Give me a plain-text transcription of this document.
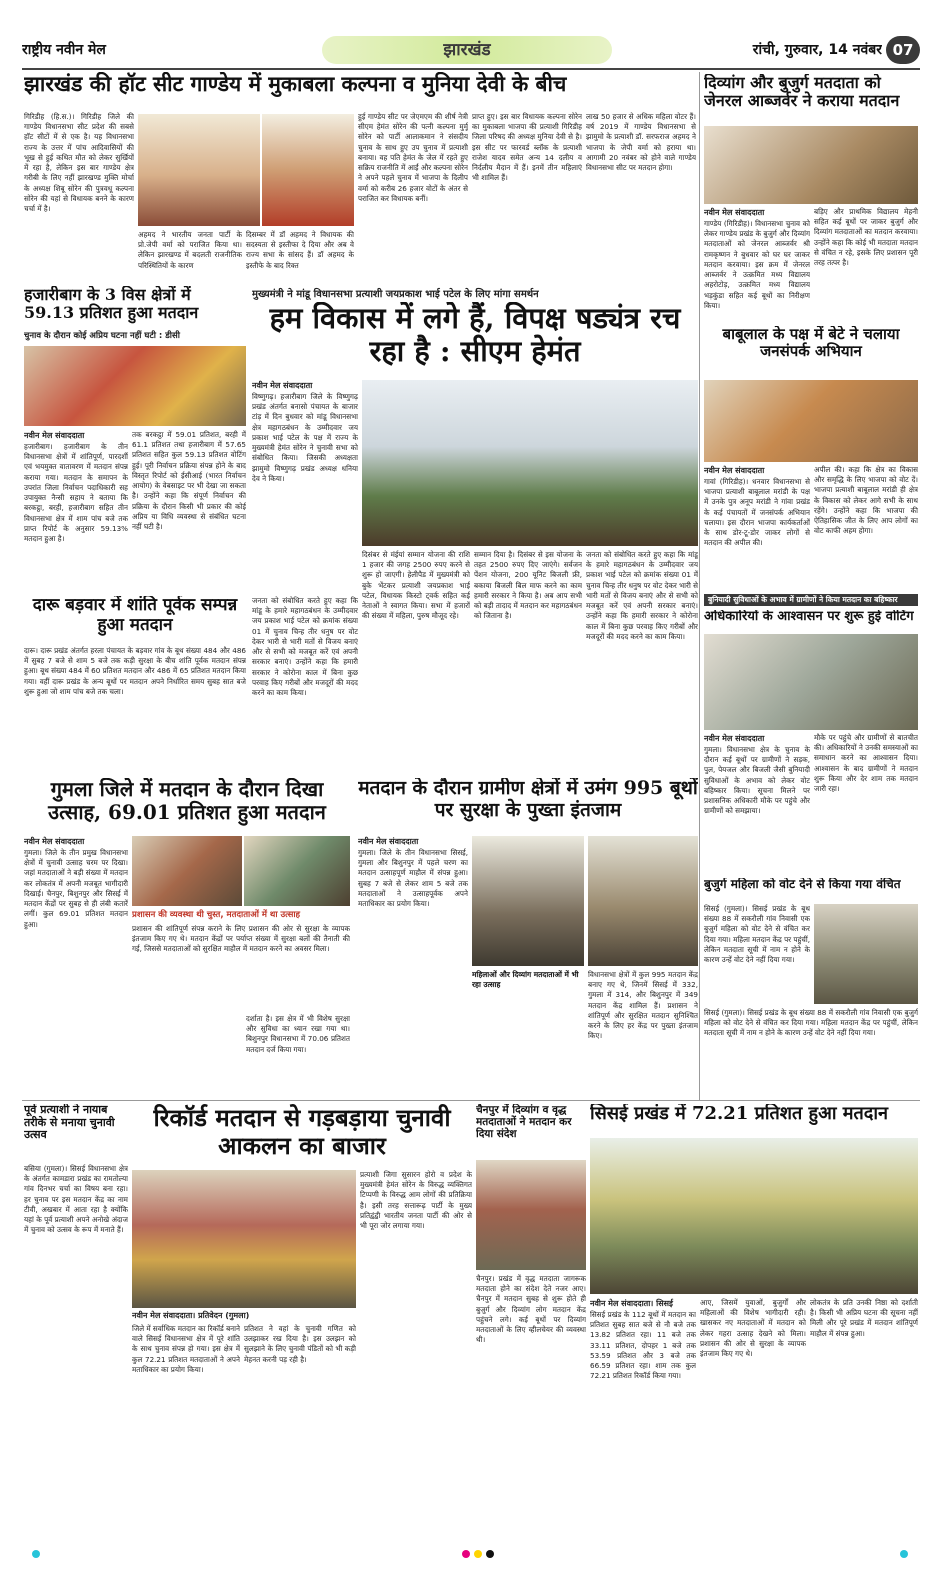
राष्ट्रीय नवीन मेल	झारखंड	रांची, गुरुवार, 14 नवंबर 07
झारखंड की हॉट सीट गाण्डेय में मुकाबला कल्पना व मुनिया देवी के बीच
गिरिडीह (हि.स.)। गिरिडीह जिले की गाण्डेय विधानसभा सीट प्रदेश की सबसे हॉट सीटों में से एक है। यह विधानसभा राज्य के उत्तर में पांच आदिवासियों की भूख से हुई कथित मौत को लेकर सुर्खियों में रहा है, लेकिन इस बार गाण्डेय क्षेत्र गरीबी के लिए नहीं झारखण्ड मुक्ति मोर्चा के अध्यक्ष शिबू सोरेन की पुत्रवधू कल्पना सोरेन की यहां से विधायक बनने के कारण चर्चा में है।
अहमद ने भारतीय जनता पार्टी के प्रो.जेपी वर्मा को पराजित किया था। लेकिन झारखण्ड में बदलती राजनीतिक परिस्थितियों के कारण
दिसम्बर में डॉ अहमद ने विधायक की सदस्यता से इस्तीफा दे दिया और अब वे राज्य सभा के सांसद हैं। डॉ अहमद के इस्तीफे के बाद रिक्त
हुई गाण्डेय सीट पर जेएमएम की शीर्ष नेत्री सीएम हेमंत सोरेन की पत्नी कल्पना मुर्मू सोरेन को पार्टी आलाकमान ने संसदीय चुनाव के साथ हुए उप चुनाव में प्रत्याशी बनाया। वह पति हेमंत के जेल में रहते हुए सक्रिय राजनीति में आईं और कल्पना सोरेन ने अपने पहले चुनाव में भाजपा के दिलीप वर्मा को करीब 26 हजार वोटों के अंतर से पराजित कर विधायक बनीं।
प्राप्त हुए। इस बार विधायक कल्पना सोरेन का मुकाबला भाजपा की प्रत्याशी गिरिडीह जिला परिषद की अध्यक्ष मुनिया देवी से है। इस सीट पर फारवर्ड ब्लॉक के प्रत्याशी राजेश यादव समेत अन्य 14 दलीय व निर्दलीय मैदान में हैं। इनमें तीन महिलाएं भी शामिल हैं।
लाख 50 हजार से अधिक महिला वोटर हैं। वर्ष 2019 में गाण्डेय विधानसभा से झामुमो के प्रत्याशी डॉ. सरफराज अहमद ने भाजपा के जेपी वर्मा को हराया था। आगामी 20 नवंबर को होने वाले गाण्डेय विधानसभा सीट पर मतदान होगा।
दिव्यांग और बुजुर्ग मतदाता को जेनरल आब्जर्वर ने कराया मतदान
नवीन मेल संवाददाता
गाण्डेय (गिरिडीह)। विधानसभा चुनाव को लेकर गाण्डेय प्रखंड के बुजुर्ग और दिव्यांग मतदाताओं को जेनरल आब्जर्वर श्री रामकृष्णन ने बुधवार को घर घर जाकर मतदान करवाया। इस क्रम में जेनरल आब्जर्वर ने उत्क्रमित मध्य विद्यालय अहरोटोड़, उत्क्रमित मध्य विद्यालय भड़कुंडा सहित कई बूथों का निरीक्षण किया।
बड़िए और प्राथमिक विद्यालय मेहनी सहित कई बूथों पर जाकर बुजुर्ग और दिव्यांग मतदाताओं का मतदान करवाया। उन्होंने कहा कि कोई भी मतदाता मतदान से वंचित न रहे, इसके लिए प्रशासन पूरी तरह तत्पर है।
हजारीबाग के 3 विस क्षेत्रों में 59.13 प्रतिशत हुआ मतदान
चुनाव के दौरान कोई अप्रिय घटना नहीं घटी : डीसी
नवीन मेल संवाददाता
हजारीबाग। हजारीबाग के तीन विधानसभा क्षेत्रों में शांतिपूर्ण, पारदर्शी एवं भयमुक्त वातावरण में मतदान संपन्न कराया गया। मतदान के समापन के उपरांत जिला निर्वाचन पदाधिकारी सह उपायुक्त नैन्सी सहाय ने बताया कि बरकट्ठा, बरही, हजारीबाग सहित तीन विधानसभा क्षेत्र में शाम पांच बजे तक प्राप्त रिपोर्ट के अनुसार 59.13% मतदान हुआ है।
तक बरकट्ठा में 59.01 प्रतिशत, बरही में 61.1 प्रतिशत तथा हजारीबाग में 57.65 प्रतिशत सहित कुल 59.13 प्रतिशत वोटिंग हुई। पूरी निर्वाचन प्रक्रिया संपन्न होने के बाद विस्तृत रिपोर्ट को ईसीआई (भारत निर्वाचन आयोग) के वेबसाइट पर भी देखा जा सकता है। उन्होंने कहा कि संपूर्ण निर्वाचन की प्रक्रिया के दौरान किसी भी प्रकार की कोई अप्रिय या विधि व्यवस्था से संबंधित घटना नहीं घटी है।
मुख्यमंत्री ने मांडू विधानसभा प्रत्याशी जयप्रकाश भाई पटेल के लिए मांगा समर्थन
हम विकास में लगे हैं, विपक्ष षड्यंत्र रच रहा है : सीएम हेमंत
नवीन मेल संवाददाता
विष्णुगढ़। हजारीबाग जिले के विष्णुगढ़ प्रखंड अंतर्गत बनासो पंचायत के बाजार टांड़ में दिन बुधवार को मांडू विधानसभा क्षेत्र महागठबंधन के उम्मीदवार जय प्रकाश भाई पटेल के पक्ष में राज्य के मुख्यमंत्री हेमंत सोरेन ने चुनावी सभा को संबोधित किया। जिसकी अध्यक्षता झामुमो विष्णुगढ़ प्रखंड अध्यक्ष धनिया देव ने किया।
जनता को संबोधित करते हुए कहा कि मांडू के हमारे महागठबंधन के उम्मीदवार जय प्रकाश भाई पटेल को क्रमांक संख्या 01 में चुनाव चिन्ह तीर धनुष पर वोट देकर भारी से भारी मतों से विजय बनाएं और से सभी को मजबूत करें एवं अपनी सरकार बनाएं। उन्होंने कहा कि हमारी सरकार ने कोरोना काल में बिना कुछ परवाह किए गरीबों और मजदूरों की मदद करने का काम किया।
दिसंबर से मंईयां सम्मान योजना की राशि 1 हजार की जगह 2500 रुपए करने से शुरू हो जाएगी। हेलीपैड में मुख्यमंत्री को बुके भेंटकर प्रत्याशी जयप्रकाश भाई पटेल, विधायक किस्टो ट्वर्क सहित कई नेताओं ने स्वागत किया। सभा में हजारों की संख्या में महिला, पुरुष मौजूद रहे।
सम्मान दिया है। दिसंबर से इस योजना के तहत 2500 रुपए दिए जाएंगे। सर्वजन पेंशन योजना, 200 यूनिट बिजली फ्री, बकाया बिजली बिल माफ करने का काम हमारी सरकार ने किया है। अब आप सभी को बड़ी तादाद में मतदान कर महागठबंधन को जिताना है।
जनता को संबोधित करते हुए कहा कि मांडू के हमारे महागठबंधन के उम्मीदवार जय प्रकाश भाई पटेल को क्रमांक संख्या 01 में चुनाव चिन्ह तीर धनुष पर वोट देकर भारी से भारी मतों से विजय बनाएं और से सभी को मजबूत करें एवं अपनी सरकार बनाएं। उन्होंने कहा कि हमारी सरकार ने कोरोना काल में बिना कुछ परवाह किए गरीबों और मजदूरों की मदद करने का काम किया।
बाबूलाल के पक्ष में बेटे ने चलाया जनसंपर्क अभियान
नवीन मेल संवाददाता
गावां (गिरिडीह)। धनवार विधानसभा से भाजपा प्रत्याशी बाबूलाल मरांडी के पक्ष में उनके पुत्र अनूप मरांडी ने गांवा प्रखंड के कई पंचायतों में जनसंपर्क अभियान चलाया। इस दौरान भाजपा कार्यकर्ताओं के साथ डोर-टू-डोर जाकर लोगों से मतदान की अपील की।
अपील की। कहा कि क्षेत्र का विकास और समृद्धि के लिए भाजपा को वोट दें। भाजपा प्रत्याशी बाबूलाल मरांडी ही क्षेत्र के विकास को लेकर आगे सभी के साथ रहेंगे। उन्होंने कहा कि भाजपा की ऐतिहासिक जीत के लिए आप लोगों का वोट काफी अहम होगा।
बुनियादी सुविधाओं के अभाव में ग्रामीणों ने किया मतदान का बहिष्कार
दारू बड़वार में शांति पूर्वक सम्पन्न हुआ मतदान
दारू। दारू प्रखंड अंतर्गत हरला पंचायत के बड़वार गांव के बूथ संख्या 484 और 486 में सुबह 7 बजे से शाम 5 बजे तक कड़ी सुरक्षा के बीच शांति पूर्वक मतदान संपन्न हुआ। बूथ संख्या 484 में 60 प्रतिशत मतदान और 486 में 65 प्रतिशत मतदान किया गया। वहीं दारू प्रखंड के अन्य बूथों पर मतदान अपने निर्धारित समय सुबह सात बजे शुरू हुआ जो शाम पांच बजे तक चला।
अधिकारियों के आश्वासन पर शुरू हुई वोटिंग
नवीन मेल संवाददाता
गुमला। विधानसभा क्षेत्र के चुनाव के दौरान कई बूथों पर ग्रामीणों ने सड़क, पुल, पेयजल और बिजली जैसी बुनियादी सुविधाओं के अभाव को लेकर वोट बहिष्कार किया। सूचना मिलने पर प्रशासनिक अधिकारी मौके पर पहुंचे और ग्रामीणों को समझाया।
मौके पर पहुंचे और ग्रामीणों से बातचीत की। अधिकारियों ने उनकी समस्याओं का समाधान करने का आश्वासन दिया। आश्वासन के बाद ग्रामीणों ने मतदान शुरू किया और देर शाम तक मतदान जारी रहा।
गुमला जिले में मतदान के दौरान दिखा उत्साह, 69.01 प्रतिशत हुआ मतदान
नवीन मेल संवाददाता
गुमला। जिले के तीन प्रमुख विधानसभा क्षेत्रों में चुनावी उत्साह चरम पर दिखा। जहां मतदाताओं ने बड़ी संख्या में मतदान कर लोकतंत्र में अपनी मजबूत भागीदारी दिखाई। चैनपुर, बिशुनपुर और सिसई में मतदान केंद्रों पर सुबह से ही लंबी कतारें लगीं। कुल 69.01 प्रतिशत मतदान हुआ।
प्रशासन की व्यवस्था थी चुस्त, मतदाताओं में था उत्साह
प्रशासन की शांतिपूर्ण संपन्न कराने के लिए प्रशासन की ओर से सुरक्षा के व्यापक इंतजाम किए गए थे। मतदान केंद्रों पर पर्याप्त संख्या में सुरक्षा बलों की तैनाती की गई, जिससे मतदाताओं को सुरक्षित माहौल में मतदान करने का अवसर मिला।
दर्शाता है। इस क्षेत्र में भी विशेष सुरक्षा और सुविधा का ध्यान रखा गया था। बिशुनपुर विधानसभा में 70.06 प्रतिशत मतदान दर्ज किया गया।
मतदान के दौरान ग्रामीण क्षेत्रों में उमंग 995 बूथों पर सुरक्षा के पुख्ता इंतजाम
नवीन मेल संवाददाता
गुमला। जिले के तीन विधानसभा सिसई, गुमला और बिशुनपुर में पहले चरण का मतदान उत्साहपूर्ण माहौल में संपन्न हुआ। सुबह 7 बजे से लेकर शाम 5 बजे तक मतदाताओं ने उत्साहपूर्वक अपने मताधिकार का प्रयोग किया।
महिलाओं और दिव्यांग मतदाताओं में भी रहा उत्साह
विधानसभा क्षेत्रों में कुल 995 मतदान केंद्र बनाए गए थे, जिनमें सिसई में 332, गुमला में 314, और बिशुनपुर में 349 मतदान केंद्र शामिल हैं। प्रशासन ने शांतिपूर्ण और सुरक्षित मतदान सुनिश्चित करने के लिए हर केंद्र पर पुख्ता इंतजाम किए।
बुजुर्ग महिला को वोट देने से किया गया वंचित
सिसई (गुमला)। सिसई प्रखंड के बूथ संख्या 88 में सकरौली गांव निवासी एक बुजुर्ग महिला को वोट देने से वंचित कर दिया गया। महिला मतदान केंद्र पर पहुंचीं, लेकिन मतदाता सूची में नाम न होने के कारण उन्हें वोट देने नहीं दिया गया।
सिसई (गुमला)। सिसई प्रखंड के बूथ संख्या 88 में सकरौली गांव निवासी एक बुजुर्ग महिला को वोट देने से वंचित कर दिया गया। महिला मतदान केंद्र पर पहुंचीं, लेकिन मतदाता सूची में नाम न होने के कारण उन्हें वोट देने नहीं दिया गया।
पूर्व प्रत्याशी ने नायाब तरीके से मनाया चुनावी उत्सव
बसिया (गुमला)। सिसई विधानसभा क्षेत्र के अंतर्गत कामडारा प्रखंड का रामतोल्या गांव दिनभर चर्चा का विषय बना रहा। हर चुनाव पर इस मतदान केंद्र का नाम टीवी, अखबार में आता रहा है क्योंकि यहां के पूर्व प्रत्याशी अपने अनोखे अंदाज में चुनाव को उत्सव के रूप में मनाते हैं।
रिकॉर्ड मतदान से गड़बड़ाया चुनावी आकलन का बाजार
नवीन मेल संवाददाता। प्रतिवेदन (गुमला)
जिले में सर्वाधिक मतदान का रिकॉर्ड बनाने वाले सिसई विधानसभा क्षेत्र में पूरे शांति के साथ चुनाव संपन्न हो गया। इस क्षेत्र में कुल 72.21 प्रतिशत मतदाताओं ने अपने मताधिकार का प्रयोग किया।
प्रतिशत ने वहां के चुनावी गणित को उलझाकर रख दिया है। इस उलझन को सुलझाने के लिए चुनावी पंडितों को भी कड़ी मेहनत करनी पड़ रही है।
प्रत्याशी जिगा सुसारन होरो व प्रदेश के मुख्यमंत्री हेमंत सोरेन के विरुद्ध व्यक्तिगत टिप्पणी के विरुद्ध आम लोगों की प्रतिक्रिया है। इसी तरह सत्तारूढ़ पार्टी के मुख्य प्रतिद्वंद्वी भारतीय जनता पार्टी की ओर से भी पूरा जोर लगाया गया।
चैनपुर में दिव्यांग व वृद्ध मतदाताओं ने मतदान कर दिया संदेश
चैनपुर। प्रखंड में वृद्ध मतदाता जागरूक मतदाता होने का संदेश देते नजर आए। चैनपुर में मतदान सुबह से शुरू होते ही बुजुर्ग और दिव्यांग लोग मतदान केंद्र पहुंचने लगे। कई बूथों पर दिव्यांग मतदाताओं के लिए व्हीलचेयर की व्यवस्था थी।
सिसई प्रखंड में 72.21 प्रतिशत हुआ मतदान
नवीन मेल संवाददाता। सिसई
सिसई प्रखंड के 112 बूथों में मतदान का प्रतिशत सुबह सात बजे से नौ बजे तक 13.82 प्रतिशत रहा। 11 बजे तक 33.11 प्रतिशत, दोपहर 1 बजे तक 53.59 प्रतिशत और 3 बजे तक 66.59 प्रतिशत रहा। शाम तक कुल 72.21 प्रतिशत रिकॉर्ड किया गया।
आए, जिसमें युवाओं, बुजुर्गों और महिलाओं की विशेष भागीदारी रही। खासकर नए मतदाताओं में मतदान को लेकर गहरा उत्साह देखने को मिला। प्रशासन की ओर से सुरक्षा के व्यापक इंतजाम किए गए थे।
लोकतंत्र के प्रति उनकी निष्ठा को दर्शाती है। किसी भी अप्रिय घटना की सूचना नहीं मिली और पूरे प्रखंड में मतदान शांतिपूर्ण माहौल में संपन्न हुआ।
